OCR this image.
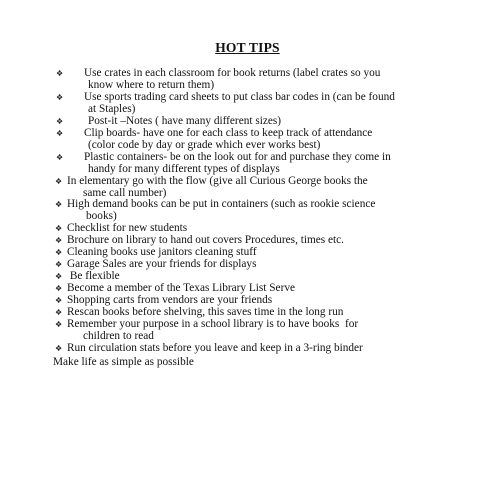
HOT TIPS
❖ Use crates in each classroom for book returns (label crates so you
know where to return them)
❖ Use sports trading card sheets to put class bar codes in (can be found
at Staples)
❖ Post-it –Notes ( have many different sizes)
❖ Clip boards- have one for each class to keep track of attendance
(color code by day or grade which ever works best)
❖ Plastic containers- be on the look out for and purchase they come in
handy for many different types of displays
❖ In elementary go with the flow (give all Curious George books the
same call number)
❖ High demand books can be put in containers (such as rookie science
books)
❖ Checklist for new students
❖ Brochure on library to hand out covers Procedures, times etc.
❖ Cleaning books use janitors cleaning stuff
❖ Garage Sales are your friends for displays
❖ Be flexible
❖ Become a member of the Texas Library List Serve
❖ Shopping carts from vendors are your friends
❖ Rescan books before shelving, this saves time in the long run
❖ Remember your purpose in a school library is to have books  for
children to read
❖ Run circulation stats before you leave and keep in a 3-ring binder
Make life as simple as possible
